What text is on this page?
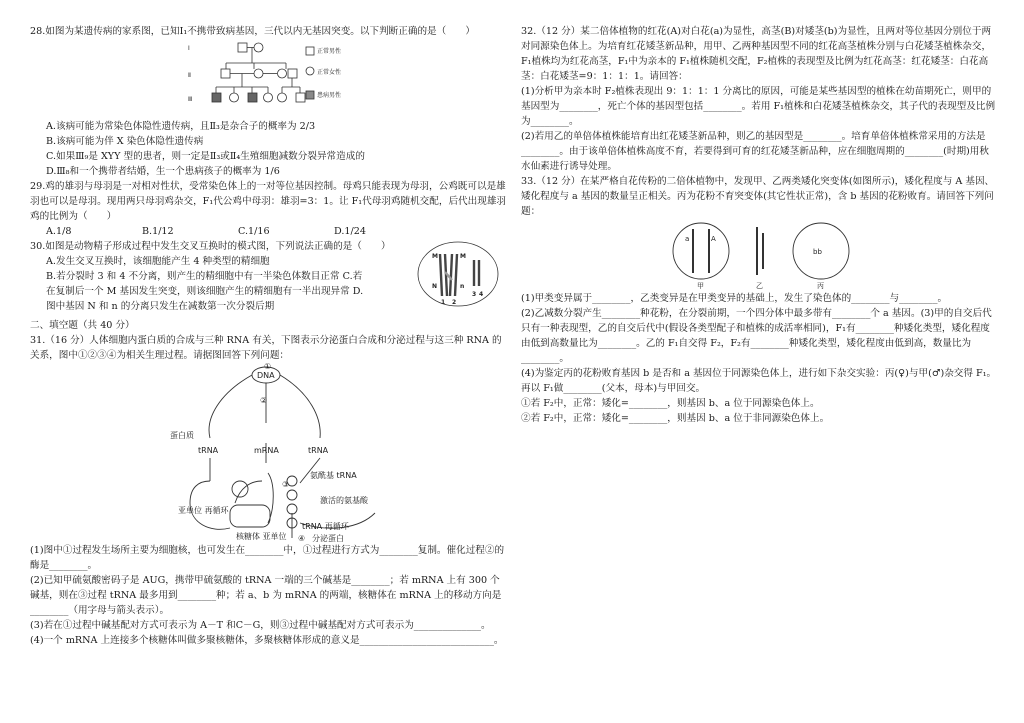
28.如图为某遗传病的家系图，已知Ⅰ₁不携带致病基因，三代以内无基因突变。以下判断正确的是（　　）

Ⅰ
Ⅱ
Ⅲ
正常男性
正常女性
患病男性

A.该病可能为常染色体隐性遗传病，且Ⅱ₃是杂合子的概率为 2/3

B.该病可能为伴 X 染色体隐性遗传病

C.如果Ⅲ₉是 XYY 型的患者，则一定是Ⅱ₃或Ⅱ₄生殖细胞减数分裂异常造成的

D.Ⅲ₈和一个携带者结婚，生一个患病孩子的概率为 1/6

29.鸡的雄羽与母羽是一对相对性状，受常染色体上的一对等位基因控制。母鸡只能表现为母羽，公鸡既可以是雄羽也可以是母羽。现用两只母羽鸡杂交，F₁代公鸡中母羽：雄羽=3：1。让 F₁代母羽鸡随机交配，后代出现雄羽鸡的比例为（　　）

A.1/8	B.1/12	C.1/16	D.1/24

30.如图是动物精子形成过程中发生交叉互换时的模式图，下列说法正确的是（　　）

A.发生交叉互换时，该细胞能产生 4 种类型的精细胞

B.若分裂时 3 和 4 不分离，则产生的精细胞中有一半染色体数目正常 C.若

在复制后一个 M 基因发生突变，则该细胞产生的精细胞有一半出现异常 D.

图中基因 N 和 n 的分离只发生在减数第一次分裂后期

M	M
N	n
1 2
3 4

二、填空题（共 40 分）

31.（16 分）人体细胞内蛋白质的合成与三种 RNA 有关，下图表示分泌蛋白合成和分泌过程与这三种 RNA 的关系，图中①②③④为相关生理过程。请据图回答下列问题：

DNA
①
②
蛋白质
tRNA	mRNA	tRNA
氨酰基 tRNA
③
激活的氨基酸
亚单位 再循环
核糖体 亚单位
tRNA 再循环
④ 分泌蛋白

(1)图中①过程发生场所主要为细胞核，也可发生在________中，①过程进行方式为________复制。催化过程②的酶是________。

(2)已知甲硫氨酸密码子是 AUG，携带甲硫氨酸的 tRNA 一端的三个碱基是________；若 mRNA 上有 300 个碱基，则在③过程 tRNA 最多用到________种；若 a、b 为 mRNA 的两端，核糖体在 mRNA 上的移动方向是________（用字母与箭头表示）。

(3)若在①过程中碱基配对方式可表示为 A－T 和C－G，则③过程中碱基配对方式可表示为______________。

(4)一个 mRNA 上连接多个核糖体叫做多聚核糖体，多聚核糖体形成的意义是____________________________。

32.（12 分）某二倍体植物的红花(A)对白花(a)为显性，高茎(B)对矮茎(b)为显性，且两对等位基因分别位于两对同源染色体上。为培育红花矮茎新品种，用甲、乙两种基因型不同的红花高茎植株分别与白花矮茎植株杂交，F₁植株均为红花高茎，F₁中为亲本的 F₁植株随机交配，F₂植株的表现型及比例为红花高茎：红花矮茎：白花高茎：白花矮茎=9：1：1：1。请回答：

(1)分析甲为亲本时 F₂植株表现出 9：1：1：1 分离比的原因，可能是某些基因型的植株在幼苗期死亡，则甲的基因型为________，死亡个体的基因型包括________。若用 F₁植株和白花矮茎植株杂交，其子代的表现型及比例为________。

(2)若用乙的单倍体植株能培育出红花矮茎新品种，则乙的基因型是________。培育单倍体植株常采用的方法是________。由于该单倍体植株高度不育，若要得到可育的红花矮茎新品种，应在细胞周期的________(时期)用秋水仙素进行诱导处理。

33.（12 分）在某严格自花传粉的二倍体植物中，发现甲、乙两类矮化突变体(如图所示)，矮化程度与 A 基因、矮化程度与 a 基因的数量呈正相关。丙为花粉不育突变体(其它性状正常)，含 b 基因的花粉败育。请回答下列问题：

a	A
bb
甲	乙	丙

(1)甲类变异属于________，乙类变异是在甲类变异的基础上，发生了染色体的________与________。

(2)乙减数分裂产生________种花粉，在分裂前期，一个四分体中最多带有________个 a 基因。(3)甲的自交后代只有一种表现型，乙的自交后代中(假设各类型配子和植株的成活率相同)，F₁有________种矮化类型，矮化程度由低到高数量比为________。乙的 F₁自交得 F₂，F₂有________种矮化类型，矮化程度由低到高，数量比为________。

(4)为鉴定丙的花粉败育基因 b 是否和 a 基因位于同源染色体上，进行如下杂交实验：丙(♀)与甲(♂)杂交得 F₁。再以 F₁做________(父本，母本)与甲回交。

①若 F₂中，正常：矮化=________，则基因 b、a 位于同源染色体上。

②若 F₂中，正常：矮化=________，则基因 b、a 位于非同源染色体上。
